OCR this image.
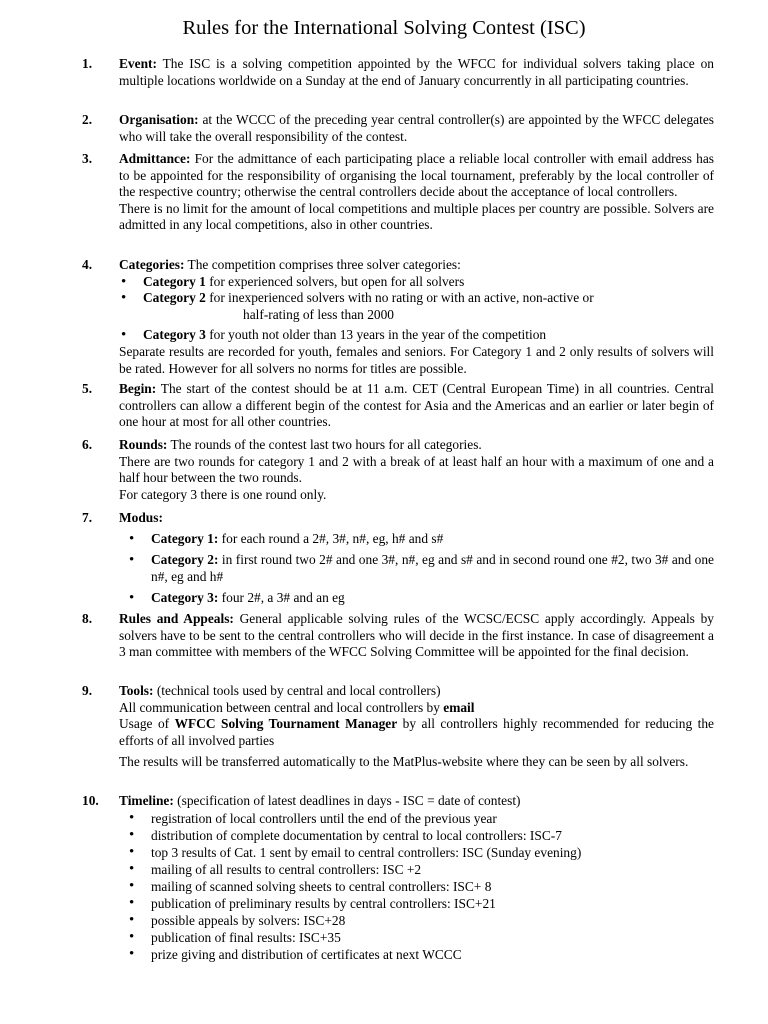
Rules for the International Solving Contest (ISC)
1.	Event: The ISC is a solving competition appointed by the WFCC for individual solvers taking place on multiple locations worldwide on a Sunday at the end of January concurrently in all participating countries.

2.	Organisation: at the WCCC of the preceding year central controller(s) are appointed by the WFCC delegates who will take the overall responsibility of the contest.

3.	Admittance: For the admittance of each participating place a reliable local controller with email address has to be appointed for the responsibility of organising the local tournament, preferably by the local controller of the respective country; otherwise the central controllers decide about the acceptance of local controllers.

There is no limit for the amount of local competitions and multiple places per country are possible. Solvers are admitted in any local competitions, also in other countries.

4.	Categories: The competition comprises three solver categories:

• Category 1 for experienced solvers, but open for all solvers
• Category 2 for inexperienced solvers with no rating or with an active, non-active or
half-rating of less than 2000
• Category 3 for youth not older than 13 years in the year of the competition

Separate results are recorded for youth, females and seniors. For Category 1 and 2 only results of solvers will be rated. However for all solvers no norms for titles are possible.

5.	Begin: The start of the contest should be at 11 a.m. CET (Central European Time) in all countries. Central controllers can allow a different begin of the contest for Asia and the Americas and an earlier or later begin of one hour at most for all other countries.

6.	Rounds: The rounds of the contest last two hours for all categories.

There are two rounds for category 1 and 2 with a break of at least half an hour with a maximum of one and a half hour between the two rounds.

For category 3 there is one round only.

7.	Modus:

• Category 1: for each round a 2#, 3#, n#, eg, h# and s#
• Category 2: in first round two 2# and one 3#, n#, eg and s# and in second round one #2, two 3# and one n#, eg and h#
• Category 3: four 2#, a 3# and an eg
8.	Rules and Appeals: General applicable solving rules of the WCSC/ECSC apply accordingly. Appeals by solvers have to be sent to the central controllers who will decide in the first instance. In case of disagreement a 3 man committee with members of the WFCC Solving Committee will be appointed for the final decision.

9.	Tools: (technical tools used by central and local controllers)

All communication between central and local controllers by email

Usage of WFCC Solving Tournament Manager by all controllers highly recommended for reducing the efforts of all involved parties

The results will be transferred automatically to the MatPlus-website where they can be seen by all solvers.

10.	Timeline: (specification of latest deadlines in days - ISC = date of contest)

• registration of local controllers until the end of the previous year
• distribution of complete documentation by central to local controllers: ISC-7
• top 3 results of Cat. 1 sent by email to central controllers: ISC (Sunday evening)
• mailing of all results to central controllers: ISC +2
• mailing of scanned solving sheets to central controllers: ISC+ 8
• publication of preliminary results by central controllers: ISC+21
• possible appeals by solvers: ISC+28
• publication of final results: ISC+35
• prize giving and distribution of certificates at next WCCC
